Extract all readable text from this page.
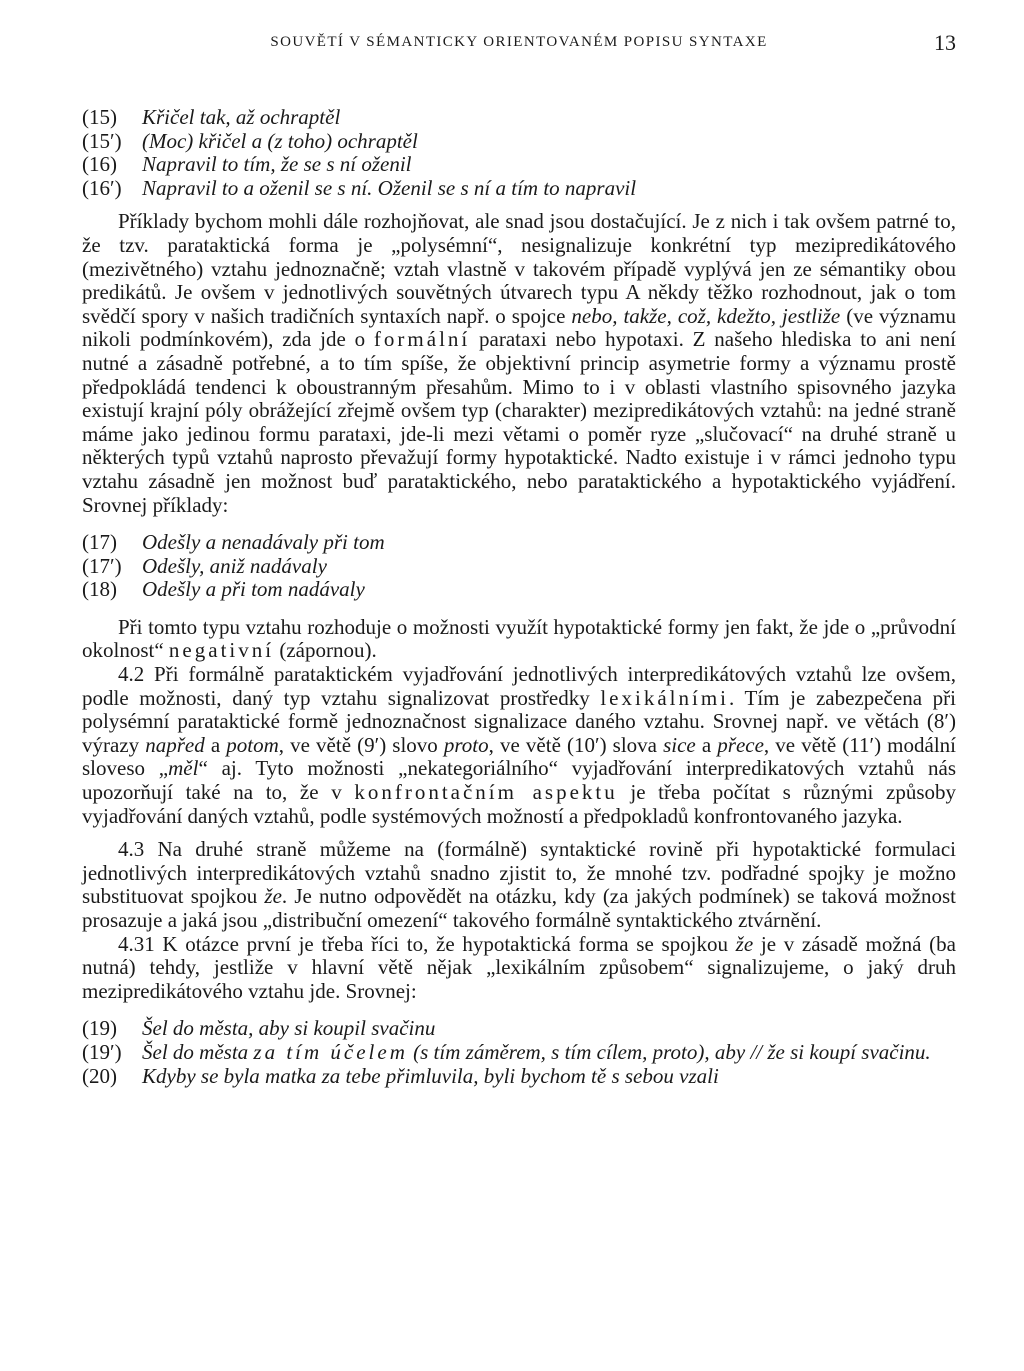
SOUVĚTÍ V SÉMANTICKY ORIENTOVANÉM POPISU SYNTAXE	13
(15)	Křičel tak, až ochraptěl
(15′) (Moc) křičel a (z toho) ochraptěl
(16)	Napravil to tím, že se s ní oženil
(16′) Napravil to a oženil se s ní. Oženil se s ní a tím to napravil

Příklady bychom mohli dále rozhojňovat, ale snad jsou dostačující. Je z nich i tak ovšem patrné to, že tzv. parataktická forma je „polysémní“, nesignalizuje konkrétní typ mezipredikátového (mezivětného) vztahu jednoznačně; vztah vlastně v takovém případě vyplývá jen ze sémantiky obou predikátů. Je ovšem v jednotlivých souvětných útvarech typu A někdy těžko rozhodnout, jak o tom svědčí spory v našich tradičních syntaxích např. o spojce nebo, takže, což, kdežto, jestliže (ve významu nikoli podmínkovém), zda jde o formální parataxi nebo hypotaxi. Z našeho hlediska to ani není nutné a zásadně potřebné, a to tím spíše, že objektivní princip asymetrie formy a významu prostě předpokládá tendenci k oboustranným přesahům. Mimo to i v oblasti vlastního spisovného jazyka existují krajní póly obrážející zřejmě ovšem typ (charakter) mezipredikátových vztahů: na jedné straně máme jako jedinou formu parataxi, jde-li mezi větami o poměr ryze „slučovací“ na druhé straně u některých typů vztahů naprosto převažují formy hypotaktické. Nadto existuje i v rámci jednoho typu vztahu zásadně jen možnost buď parataktického, nebo parataktického a hypotaktického vyjádření. Srovnej příklady:

(17)	Odešly a nenadávaly při tom
(17′) Odešly, aniž nadávaly
(18)	Odešly a při tom nadávaly

Při tomto typu vztahu rozhoduje o možnosti využít hypotaktické formy jen fakt, že jde o „průvodní okolnost“ negativní (zápornou).

4.2 Při formálně parataktickém vyjadřování jednotlivých interpredikátových vztahů lze ovšem, podle možnosti, daný typ vztahu signalizovat prostředky lexikálními. Tím je zabezpečena při polysémní parataktické formě jednoznačnost signalizace daného vztahu. Srovnej např. ve větách (8′) výrazy napřed a potom, ve větě (9′) slovo proto, ve větě (10′) slova sice a přece, ve větě (11′) modální sloveso „měl“ aj. Tyto možnosti „nekategoriálního“ vyjadřování interpredikatových vztahů nás upozorňují také na to, že v konfrontačním aspektu je třeba počítat s různými způsoby vyjadřování daných vztahů, podle systémových možností a předpokladů konfrontovaného jazyka.

4.3 Na druhé straně můžeme na (formálně) syntaktické rovině při hypotaktické formulaci jednotlivých interpredikátových vztahů snadno zjistit to, že mnohé tzv. podřadné spojky je možno substituovat spojkou že. Je nutno odpovědět na otázku, kdy (za jakých podmínek) se taková možnost prosazuje a jaká jsou „distribuční omezení“ takového formálně syntaktického ztvárnění.

4.31 K otázce první je třeba říci to, že hypotaktická forma se spojkou že je v zásadě možná (ba nutná) tehdy, jestliže v hlavní větě nějak „lexikálním způsobem“ signalizujeme, o jaký druh mezipredikátového vztahu jde. Srovnej:

(19)	Šel do města, aby si koupil svačinu
(19′) Šel do města za tím účelem (s tím záměrem, s tím cílem, proto), aby // že si koupí svačinu.
(20)	Kdyby se byla matka za tebe přimluvila, byli bychom tě s sebou vzali
